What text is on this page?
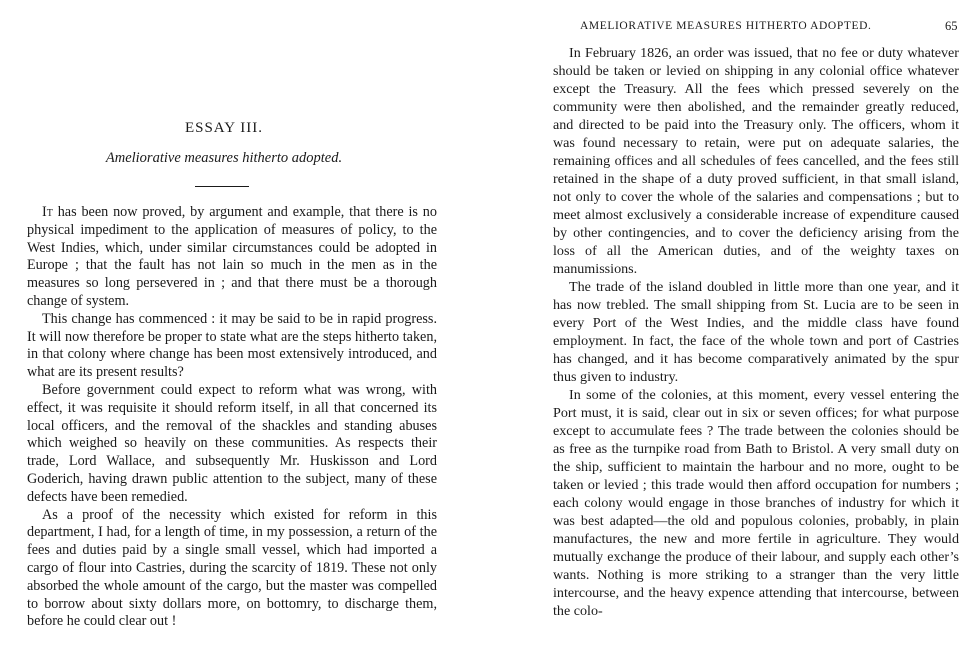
ESSAY III.
Ameliorative measures hitherto adopted.

It has been now proved, by argument and example, that there is no physical impediment to the application of measures of policy, to the West Indies, which, under similar circumstances could be adopted in Europe ; that the fault has not lain so much in the men as in the measures so long persevered in ; and that there must be a thorough change of system.

This change has commenced : it may be said to be in rapid progress. It will now therefore be proper to state what are the steps hitherto taken, in that colony where change has been most extensively introduced, and what are its present results?

Before government could expect to reform what was wrong, with effect, it was requisite it should reform itself, in all that concerned its local officers, and the removal of the shackles and standing abuses which weighed so heavily on these communities. As respects their trade, Lord Wallace, and subsequently Mr. Huskisson and Lord Goderich, having drawn public attention to the subject, many of these defects have been remedied.

As a proof of the necessity which existed for reform in this department, I had, for a length of time, in my possession, a return of the fees and duties paid by a single small vessel, which had imported a cargo of flour into Castries, during the scarcity of 1819. These not only absorbed the whole amount of the cargo, but the master was compelled to borrow about sixty dollars more, on bottomry, to discharge them, before he could clear out !

AMELIORATIVE MEASURES HITHERTO ADOPTED.	65

In February 1826, an order was issued, that no fee or duty whatever should be taken or levied on shipping in any colonial office whatever except the Treasury. All the fees which pressed severely on the community were then abolished, and the remainder greatly reduced, and directed to be paid into the Treasury only. The officers, whom it was found necessary to retain, were put on adequate salaries, the remaining offices and all schedules of fees cancelled, and the fees still retained in the shape of a duty proved sufficient, in that small island, not only to cover the whole of the salaries and compensations ; but to meet almost exclusively a considerable increase of expenditure caused by other contingencies, and to cover the deficiency arising from the loss of all the American duties, and of the weighty taxes on manumissions.

The trade of the island doubled in little more than one year, and it has now trebled. The small shipping from St. Lucia are to be seen in every Port of the West Indies, and the middle class have found employment. In fact, the face of the whole town and port of Castries has changed, and it has become comparatively animated by the spur thus given to industry.

In some of the colonies, at this moment, every vessel entering the Port must, it is said, clear out in six or seven offices; for what purpose except to accumulate fees ? The trade between the colonies should be as free as the turnpike road from Bath to Bristol. A very small duty on the ship, sufficient to maintain the harbour and no more, ought to be taken or levied ; this trade would then afford occupation for numbers ; each colony would engage in those branches of industry for which it was best adapted—the old and populous colonies, probably, in plain manufactures, the new and more fertile in agriculture. They would mutually exchange the produce of their labour, and supply each other’s wants. Nothing is more striking to a stranger than the very little intercourse, and the heavy expence attending that intercourse, between the colo-
